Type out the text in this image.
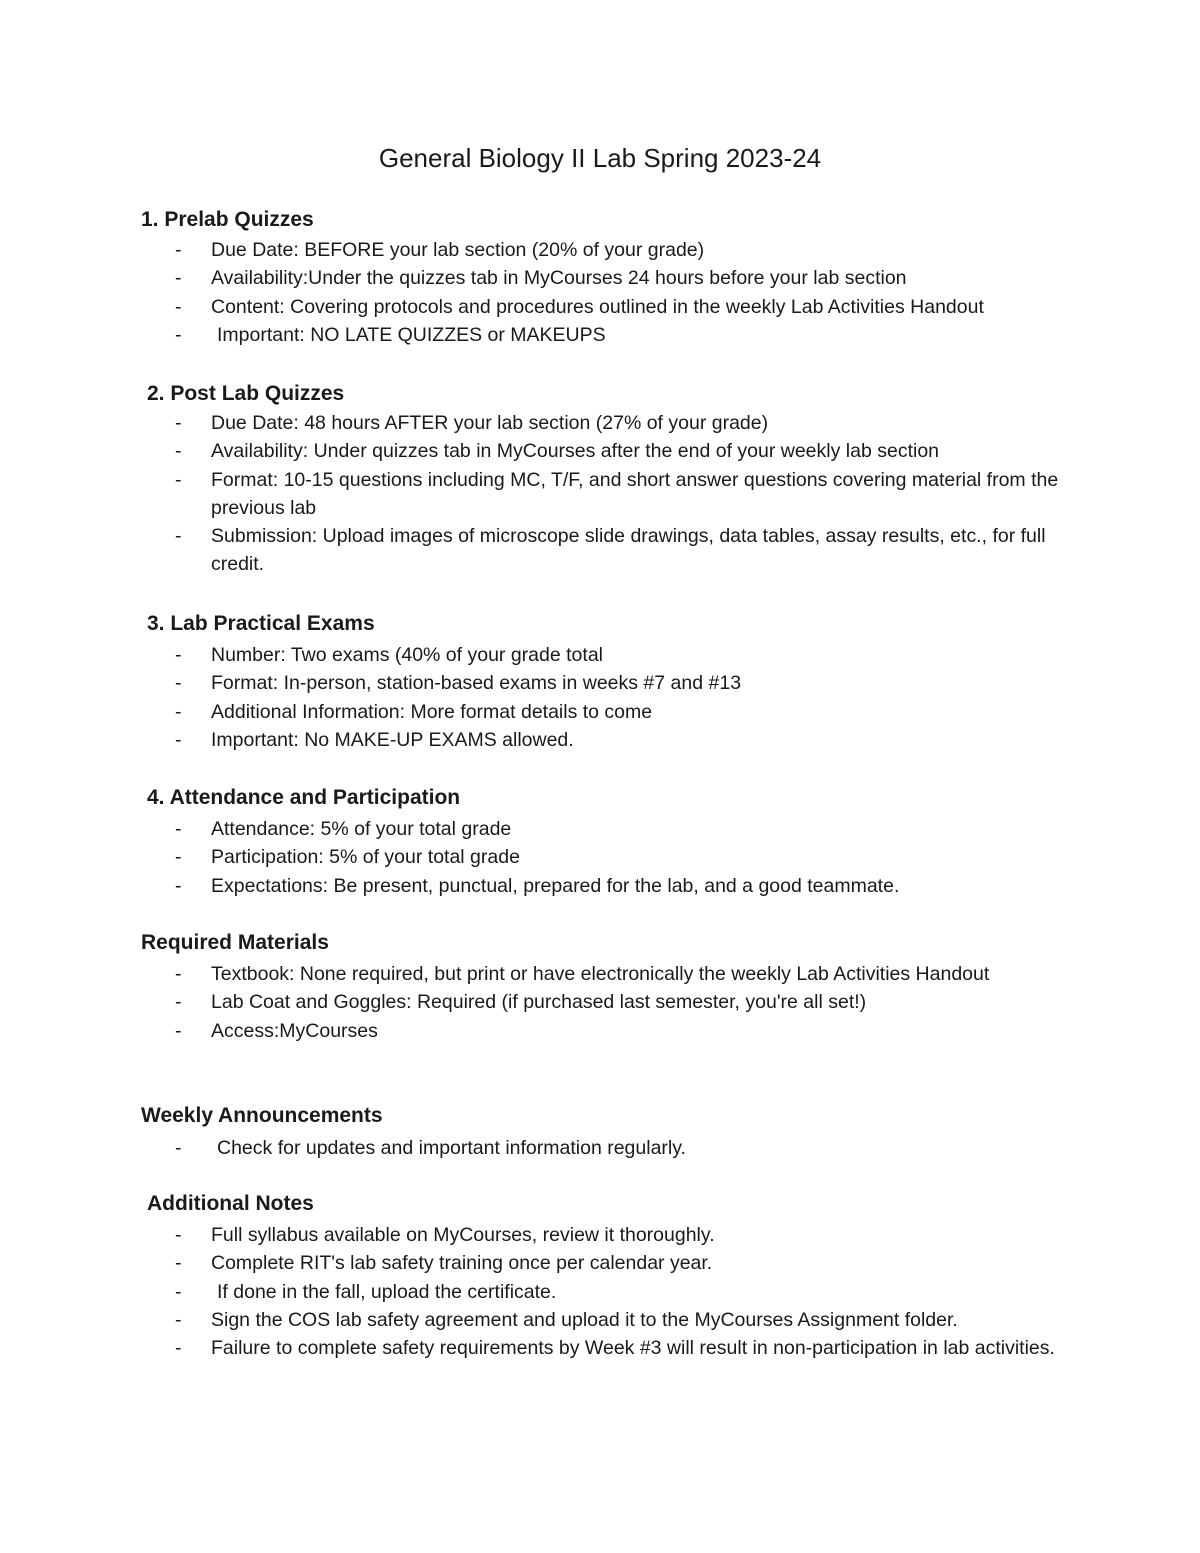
General Biology II Lab Spring 2023-24
1. Prelab Quizzes
- Due Date: BEFORE your lab section (20% of your grade)
- Availability:Under the quizzes tab in MyCourses 24 hours before your lab section
- Content: Covering protocols and procedures outlined in the weekly Lab Activities Handout
- Important: NO LATE QUIZZES or MAKEUPS
2. Post Lab Quizzes
- Due Date: 48 hours AFTER your lab section (27% of your grade)
- Availability: Under quizzes tab in MyCourses after the end of your weekly lab section
- Format: 10-15 questions including MC, T/F, and short answer questions covering material from the previous lab
- Submission: Upload images of microscope slide drawings, data tables, assay results, etc., for full credit.
3. Lab Practical Exams
- Number: Two exams (40% of your grade total
- Format: In-person, station-based exams in weeks #7 and #13
- Additional Information: More format details to come
- Important: No MAKE-UP EXAMS allowed.
4. Attendance and Participation
- Attendance: 5% of your total grade
- Participation: 5% of your total grade
- Expectations: Be present, punctual, prepared for the lab, and a good teammate.
Required Materials
- Textbook: None required, but print or have electronically the weekly Lab Activities Handout
- Lab Coat and Goggles: Required (if purchased last semester, you're all set!)
- Access:MyCourses
Weekly Announcements
- Check for updates and important information regularly.
Additional Notes
- Full syllabus available on MyCourses, review it thoroughly.
- Complete RIT's lab safety training once per calendar year.
- If done in the fall, upload the certificate.
- Sign the COS lab safety agreement and upload it to the MyCourses Assignment folder.
- Failure to complete safety requirements by Week #3 will result in non-participation in lab activities.
